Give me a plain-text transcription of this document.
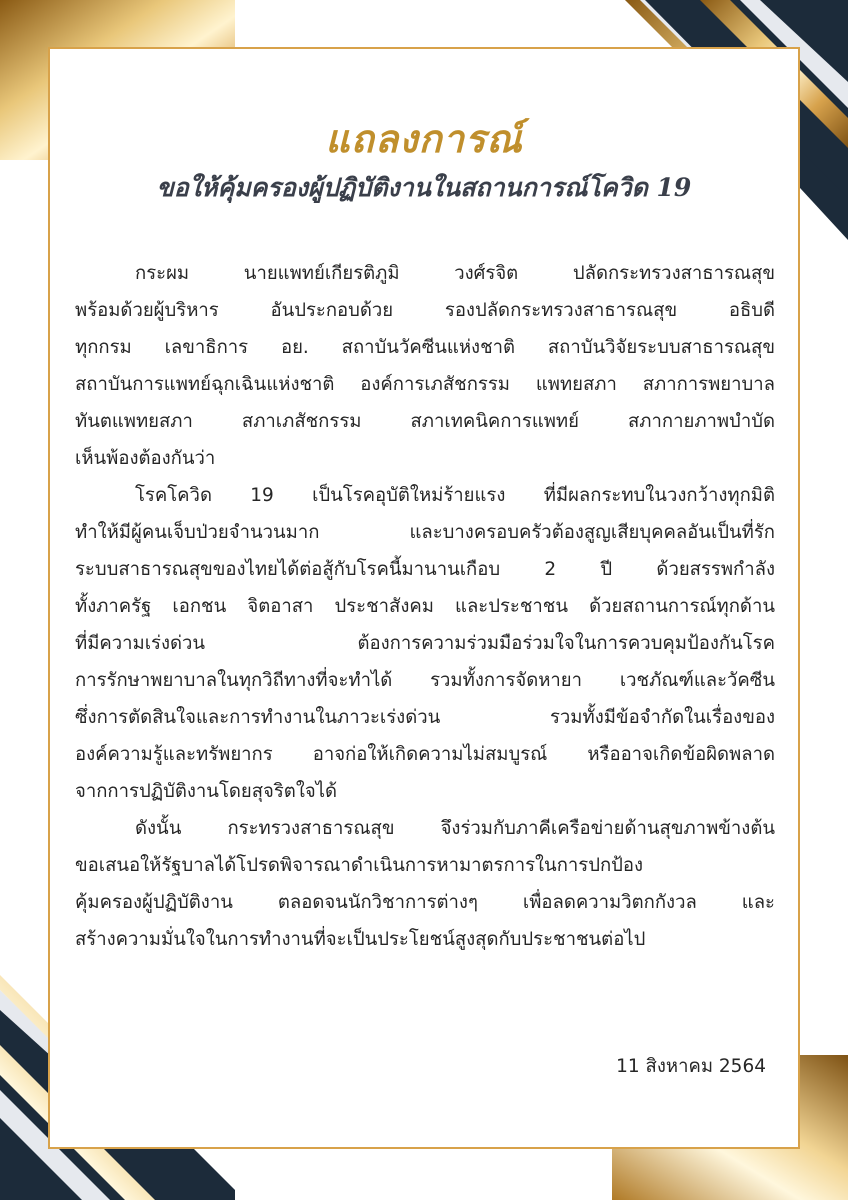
แถลงการณ์
ขอให้คุ้มครองผู้ปฏิบัติงานในสถานการณ์โควิด 19
กระผม นายแพทย์เกียรติภูมิ วงศ์รจิต ปลัดกระทรวงสาธารณสุข
พร้อมด้วยผู้บริหาร อันประกอบด้วย รองปลัดกระทรวงสาธารณสุข อธิบดี
ทุกกรม เลขาธิการ อย. สถาบันวัคซีนแห่งชาติ สถาบันวิจัยระบบสาธารณสุข
สถาบันการแพทย์ฉุกเฉินแห่งชาติ องค์การเภสัชกรรม แพทยสภา สภาการพยาบาล
ทันตแพทยสภา สภาเภสัชกรรม สภาเทคนิคการแพทย์ สภากายภาพบำบัด
เห็นพ้องต้องกันว่า
โรคโควิด 19 เป็นโรคอุบัติใหม่ร้ายแรง ที่มีผลกระทบในวงกว้างทุกมิติ
ทำให้มีผู้คนเจ็บป่วยจำนวนมาก และบางครอบครัวต้องสูญเสียบุคคลอันเป็นที่รัก
ระบบสาธารณสุขของไทยได้ต่อสู้กับโรคนี้มานานเกือบ 2 ปี ด้วยสรรพกำลัง
ทั้งภาครัฐ เอกชน จิตอาสา ประชาสังคม และประชาชน ด้วยสถานการณ์ทุกด้าน
ที่มีความเร่งด่วน ต้องการความร่วมมือร่วมใจในการควบคุมป้องกันโรค
การรักษาพยาบาลในทุกวิถีทางที่จะทำได้ รวมทั้งการจัดหายา เวชภัณฑ์และวัคซีน
ซึ่งการตัดสินใจและการทำงานในภาวะเร่งด่วน รวมทั้งมีข้อจำกัดในเรื่องของ
องค์ความรู้และทรัพยากร อาจก่อให้เกิดความไม่สมบูรณ์ หรืออาจเกิดข้อผิดพลาด
จากการปฏิบัติงานโดยสุจริตใจได้
ดังนั้น กระทรวงสาธารณสุข จึงร่วมกับภาคีเครือข่ายด้านสุขภาพข้างต้น
ขอเสนอให้รัฐบาลได้โปรดพิจารณาดำเนินการหามาตรการในการปกป้อง
คุ้มครองผู้ปฏิบัติงาน ตลอดจนนักวิชาการต่างๆ เพื่อลดความวิตกกังวล และ
สร้างความมั่นใจในการทำงานที่จะเป็นประโยชน์สูงสุดกับประชาชนต่อไป
11 สิงหาคม 2564
